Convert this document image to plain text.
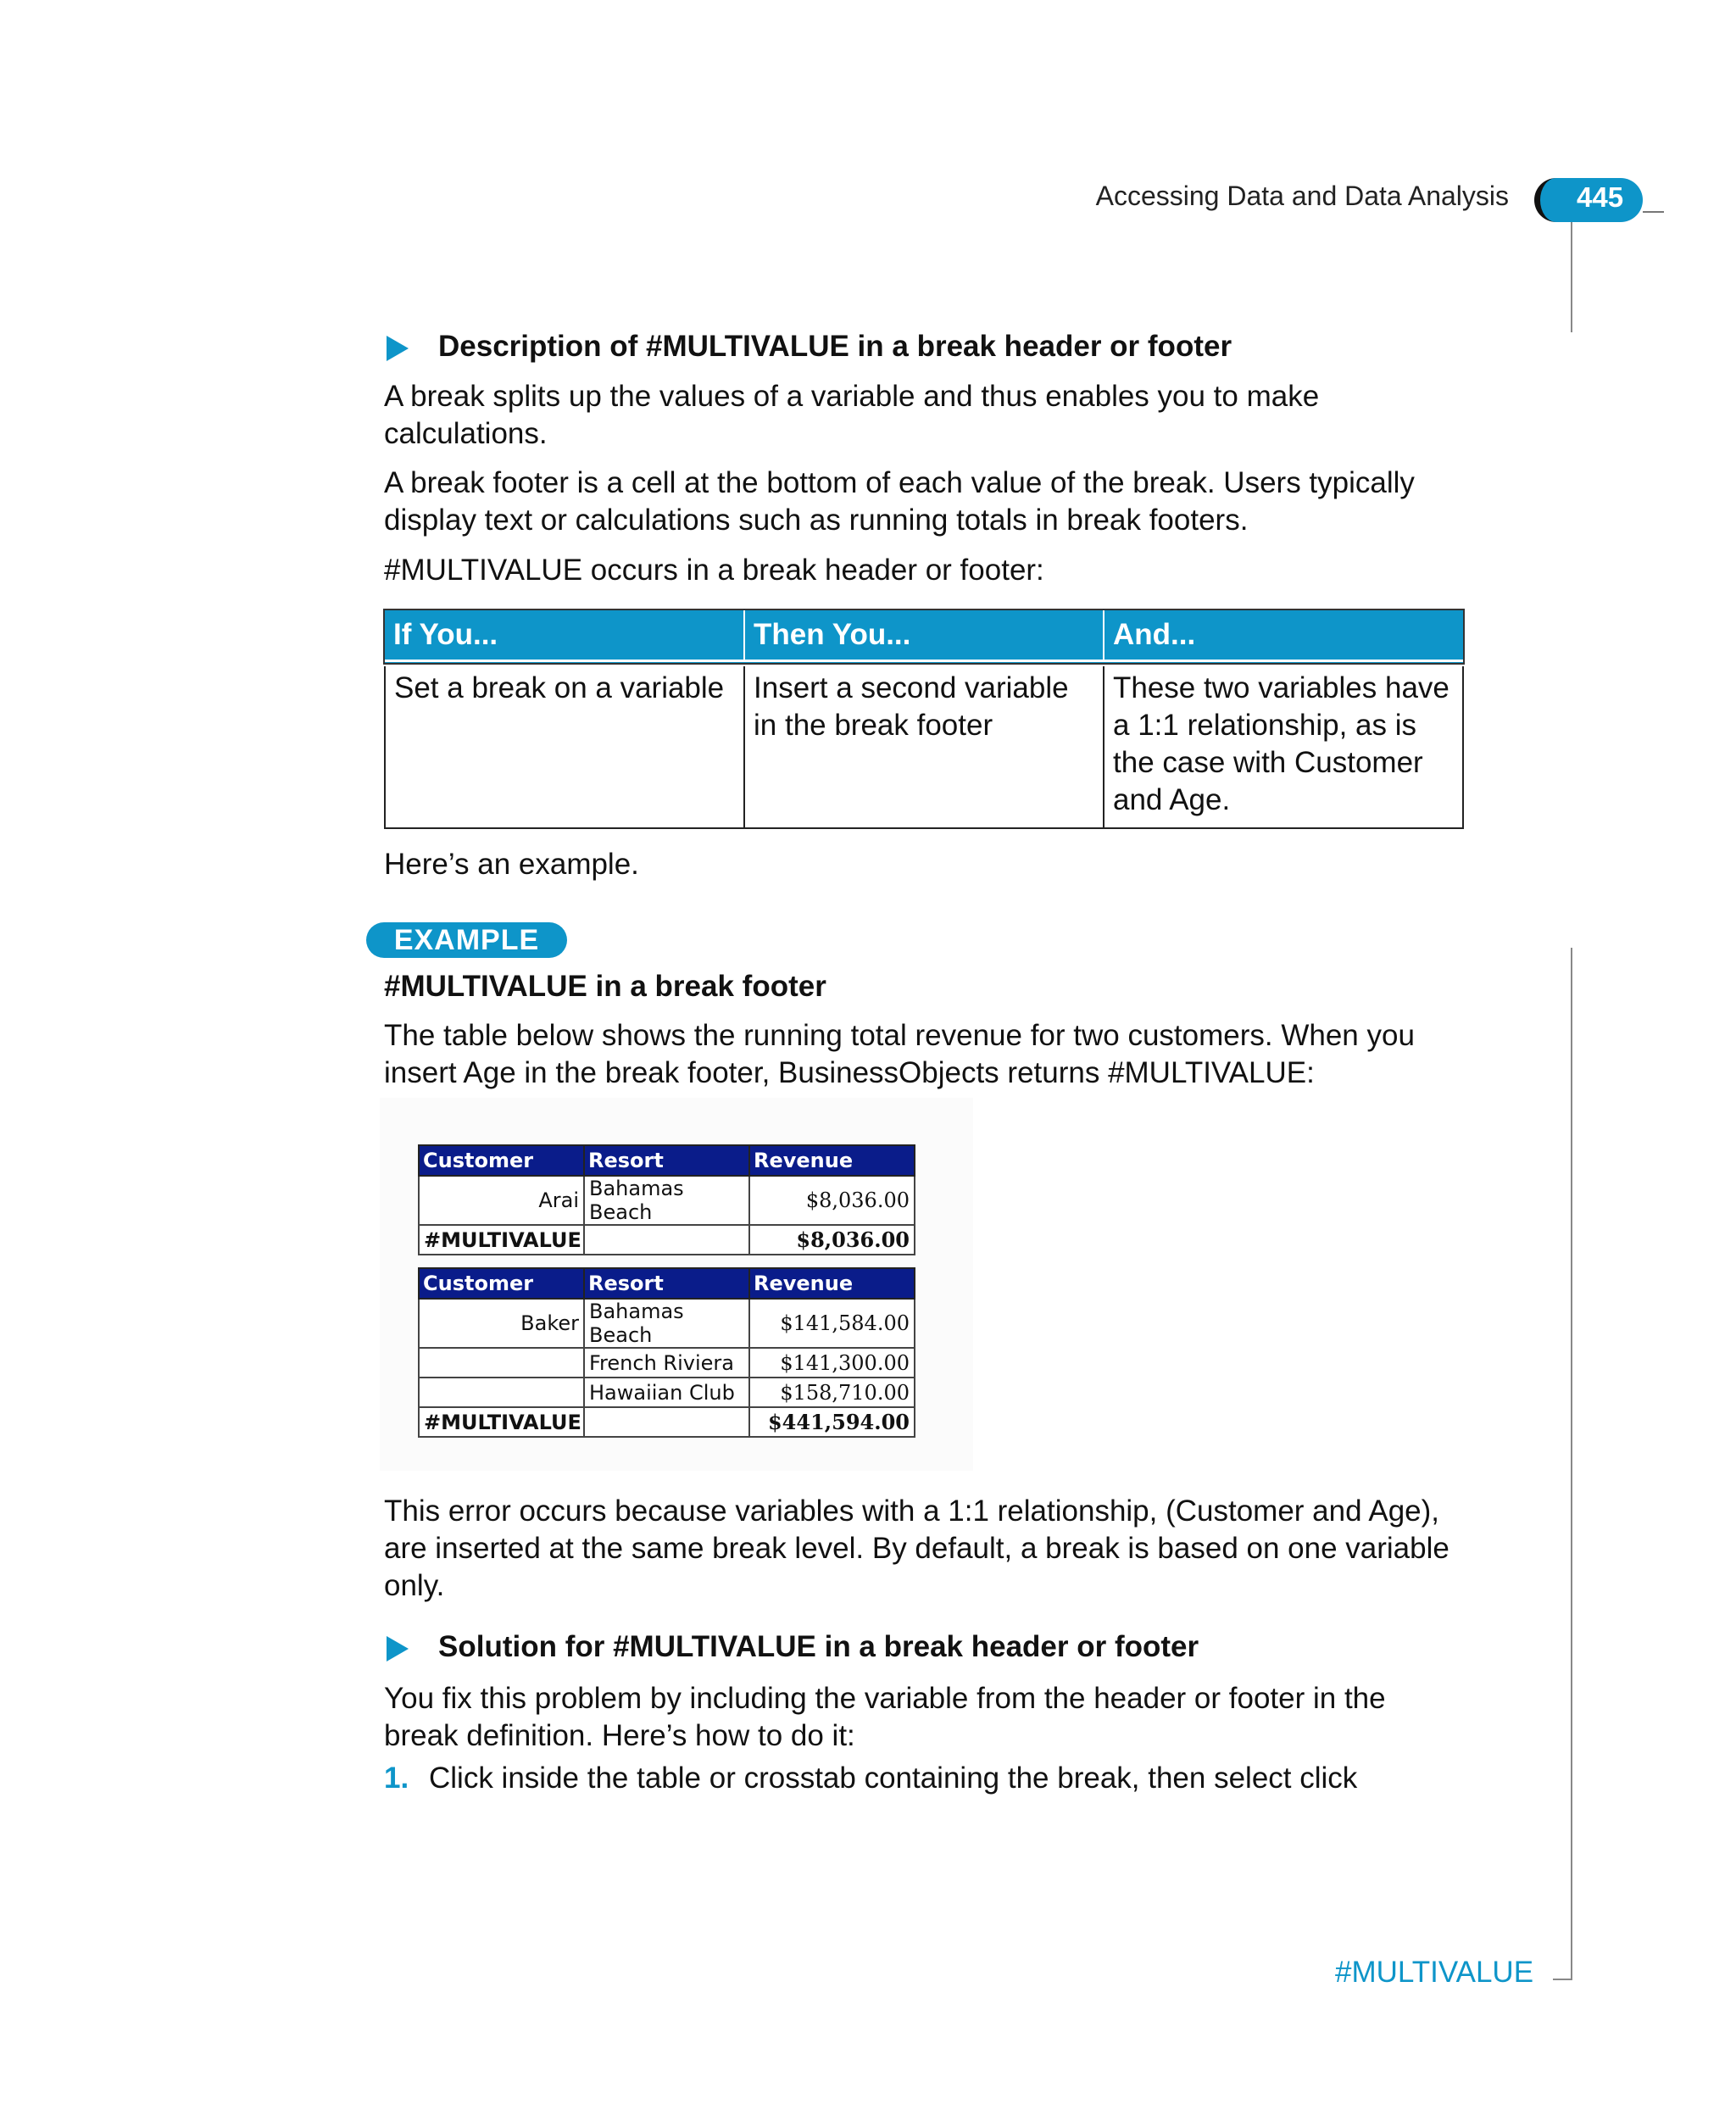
Accessing Data and Data Analysis 445
Description of #MULTIVALUE in a break header or footer
A break splits up the values of a variable and thus enables you to make calculations.
A break footer is a cell at the bottom of each value of the break. Users typically display text or calculations such as running totals in break footers.
#MULTIVALUE occurs in a break header or footer:
If You...	Then You...	And...
Set a break on a variable	Insert a second variable in the break footer	These two variables have a 1:1 relationship, as is the case with Customer and Age.
Here’s an example.
EXAMPLE
#MULTIVALUE in a break footer
The table below shows the running total revenue for two customers. When you insert Age in the break footer, BusinessObjects returns #MULTIVALUE:
Customer	Resort	Revenue
Arai	Bahamas Beach	$8,036.00
#MULTIVALUE		$8,036.00
Customer	Resort	Revenue
Baker	Bahamas Beach	$141,584.00
	French Riviera	$141,300.00
	Hawaiian Club	$158,710.00
#MULTIVALUE		$441,594.00
This error occurs because variables with a 1:1 relationship, (Customer and Age), are inserted at the same break level. By default, a break is based on one variable only.
Solution for #MULTIVALUE in a break header or footer
You fix this problem by including the variable from the header or footer in the break definition. Here’s how to do it:
1. Click inside the table or crosstab containing the break, then select click
#MULTIVALUE
